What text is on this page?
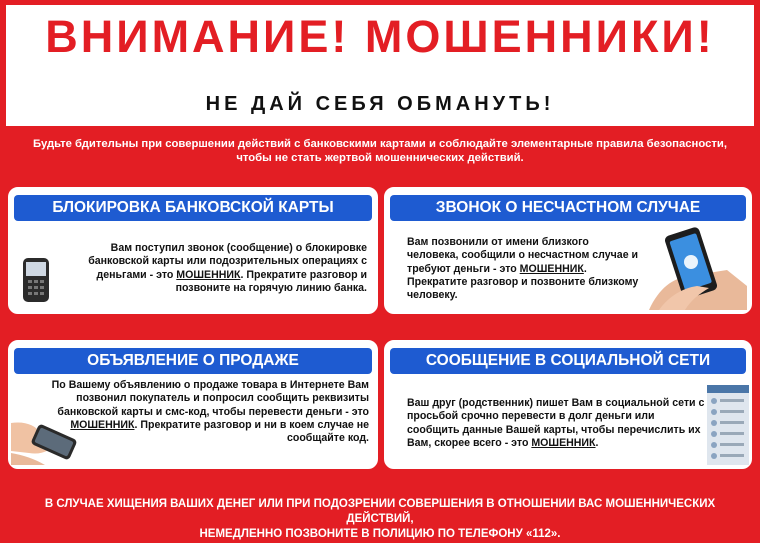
ВНИМАНИЕ! МОШЕННИКИ!
НЕ ДАЙ СЕБЯ ОБМАНУТЬ!
Будьте бдительны при совершении действий с банковскими картами и соблюдайте элементарные правила безопасности,
чтобы не стать жертвой мошеннических действий.
БЛОКИРОВКА БАНКОВСКОЙ КАРТЫ
Вам поступил звонок (сообщение) о блокировке банковской карты или подозрительных операциях с деньгами - это МОШЕННИК. Прекратите разговор и позвоните на горячую линию банка.
ЗВОНОК О НЕСЧАСТНОМ СЛУЧАЕ
Вам позвонили от имени близкого человека, сообщили о несчастном случае и требуют деньги - это МОШЕННИК. Прекратите разговор и позвоните близкому человеку.
ОБЪЯВЛЕНИЕ О ПРОДАЖЕ
По Вашему объявлению о продаже товара в Интернете Вам позвонил покупатель и попросил сообщить реквизиты банковской карты и смс-код, чтобы перевести деньги - это МОШЕННИК. Прекратите разговор и ни в коем случае не сообщайте код.
СООБЩЕНИЕ В СОЦИАЛЬНОЙ СЕТИ
Ваш друг (родственник) пишет Вам в социальной сети с просьбой срочно перевести в долг деньги или сообщить данные Вашей карты, чтобы перечислить их Вам, скорее всего - это МОШЕННИК.
В СЛУЧАЕ ХИЩЕНИЯ ВАШИХ ДЕНЕГ ИЛИ ПРИ ПОДОЗРЕНИИ СОВЕРШЕНИЯ В ОТНОШЕНИИ ВАС МОШЕННИЧЕСКИХ ДЕЙСТВИЙ,
НЕМЕДЛЕННО ПОЗВОНИТЕ В ПОЛИЦИЮ ПО ТЕЛЕФОНУ «112».
